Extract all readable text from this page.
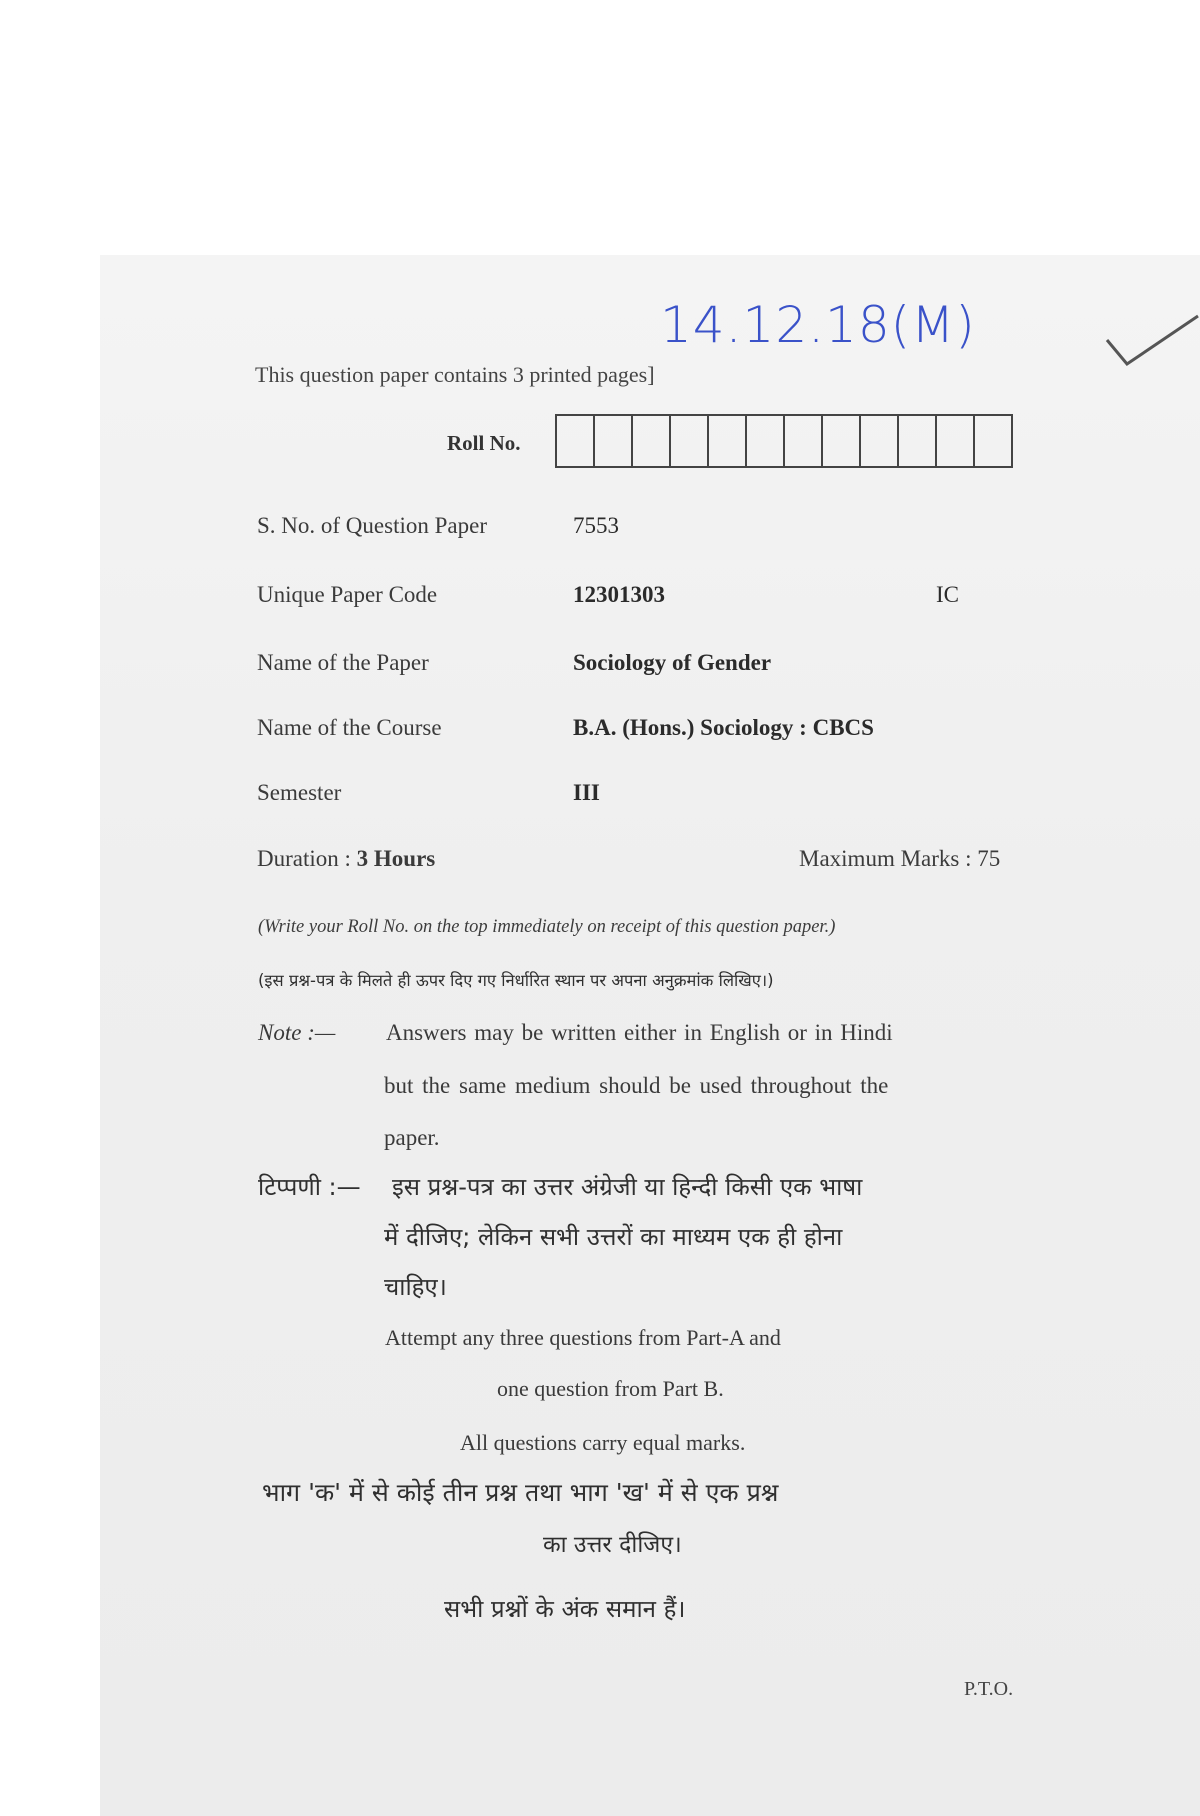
14.12.18(M)
This question paper contains 3 printed pages]
Roll No.
S. No. of Question Paper	7553
Unique Paper Code	12301303	IC
Name of the Paper	Sociology of Gender
Name of the Course	B.A. (Hons.) Sociology : CBCS
Semester	III
Duration : 3 Hours	Maximum Marks : 75
(Write your Roll No. on the top immediately on receipt of this question paper.)
(इस प्रश्न-पत्र के मिलते ही ऊपर दिए गए निर्धारित स्थान पर अपना अनुक्रमांक लिखिए।)
Note :— Answers may be written either in English or in Hindi
but the same medium should be used throughout the
paper.
टिप्पणी :— इस प्रश्न-पत्र का उत्तर अंग्रेजी या हिन्दी किसी एक भाषा
में दीजिए; लेकिन सभी उत्तरों का माध्यम एक ही होना
चाहिए।
Attempt any three questions from Part-A and
one question from Part B.
All questions carry equal marks.
भाग 'क' में से कोई तीन प्रश्न तथा भाग 'ख' में से एक प्रश्न
का उत्तर दीजिए।
सभी प्रश्नों के अंक समान हैं।
P.T.O.
